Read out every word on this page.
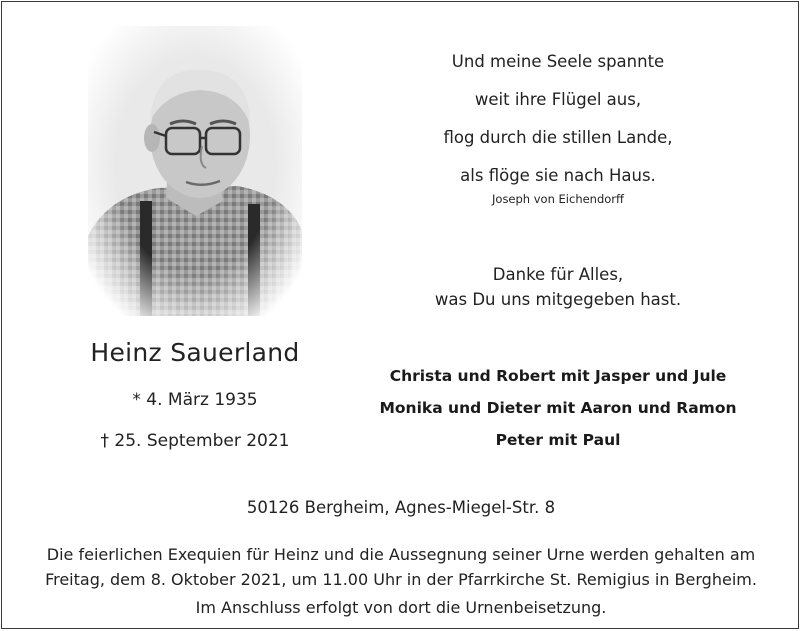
Heinz Sauerland
* 4. März 1935
† 25. September 2021
Und meine Seele spannte
weit ihre Flügel aus,
flog durch die stillen Lande,
als flöge sie nach Haus.
Joseph von Eichendorff
Danke für Alles,
was Du uns mitgegeben hast.
Christa und Robert mit Jasper und Jule
Monika und Dieter mit Aaron und Ramon
Peter mit Paul
50126 Bergheim, Agnes-Miegel-Str. 8
Die feierlichen Exequien für Heinz und die Aussegnung seiner Urne werden gehalten am
Freitag, dem 8. Oktober 2021, um 11.00 Uhr in der Pfarrkirche St. Remigius in Bergheim.
Im Anschluss erfolgt von dort die Urnenbeisetzung.
